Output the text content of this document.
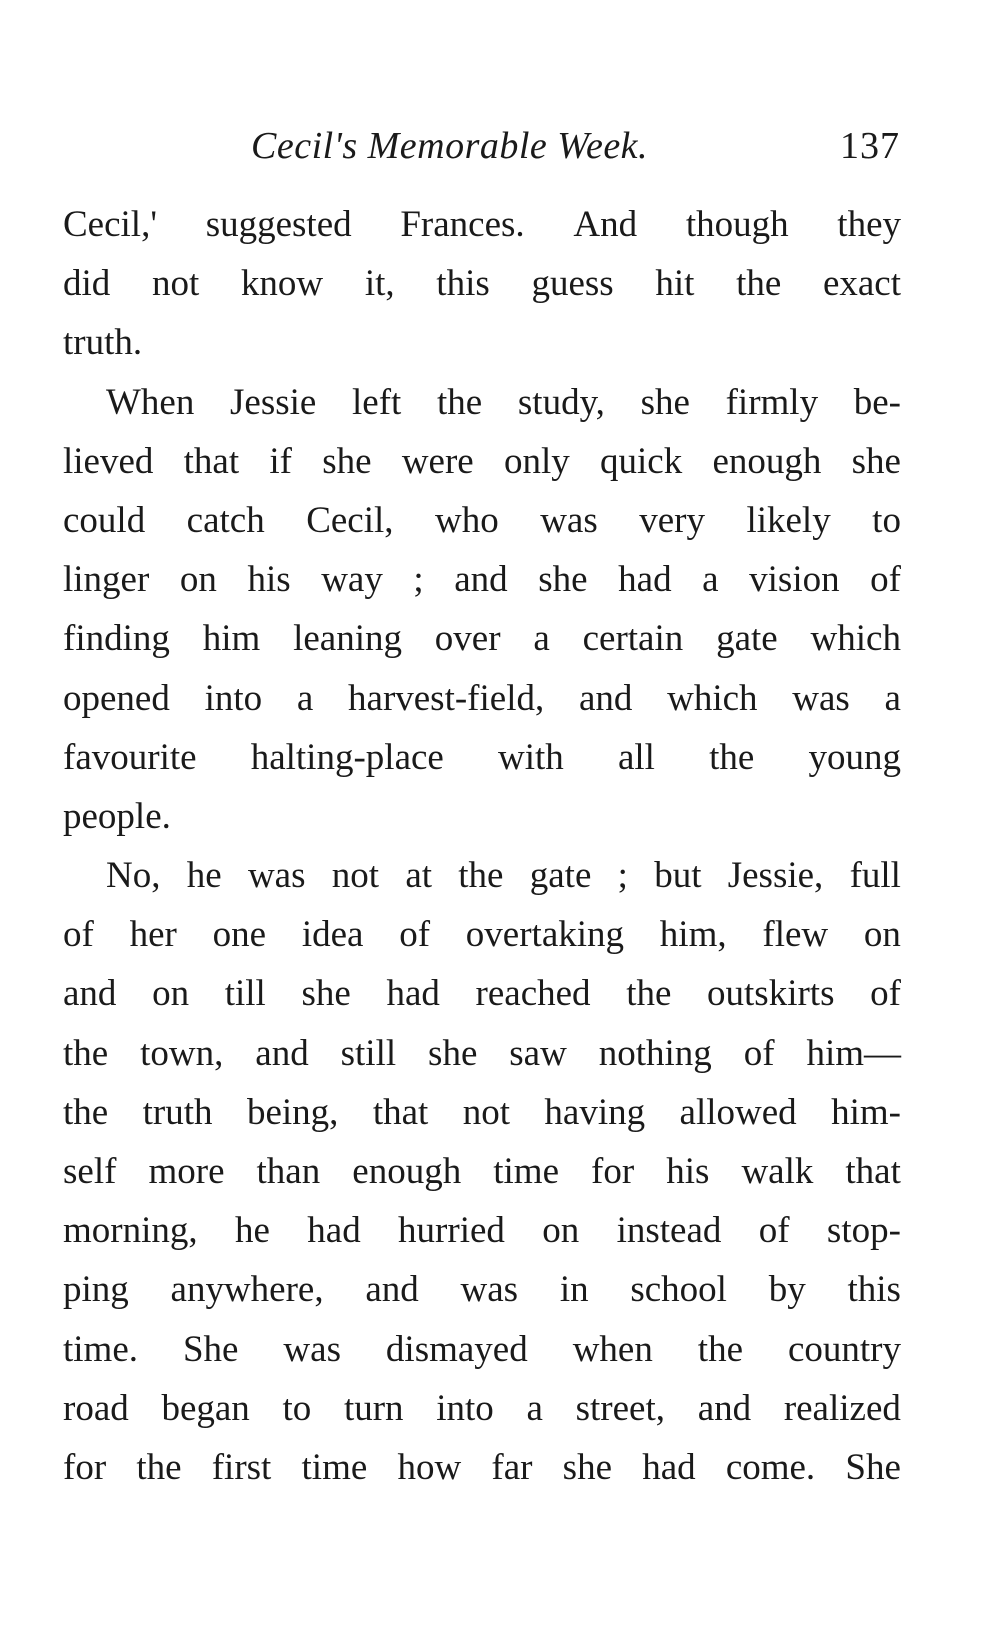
Cecil's Memorable Week.	137
Cecil,' suggested Frances. And though they
did not know it, this guess hit the exact
truth.
When Jessie left the study, she firmly be-
lieved that if she were only quick enough she
could catch Cecil, who was very likely to
linger on his way ; and she had a vision of
finding him leaning over a certain gate which
opened into a harvest-field, and which was a
favourite halting-place with all the young
people.
No, he was not at the gate ; but Jessie, full
of her one idea of overtaking him, flew on
and on till she had reached the outskirts of
the town, and still she saw nothing of him—
the truth being, that not having allowed him-
self more than enough time for his walk that
morning, he had hurried on instead of stop-
ping anywhere, and was in school by this
time. She was dismayed when the country
road began to turn into a street, and realized
for the first time how far she had come. She
